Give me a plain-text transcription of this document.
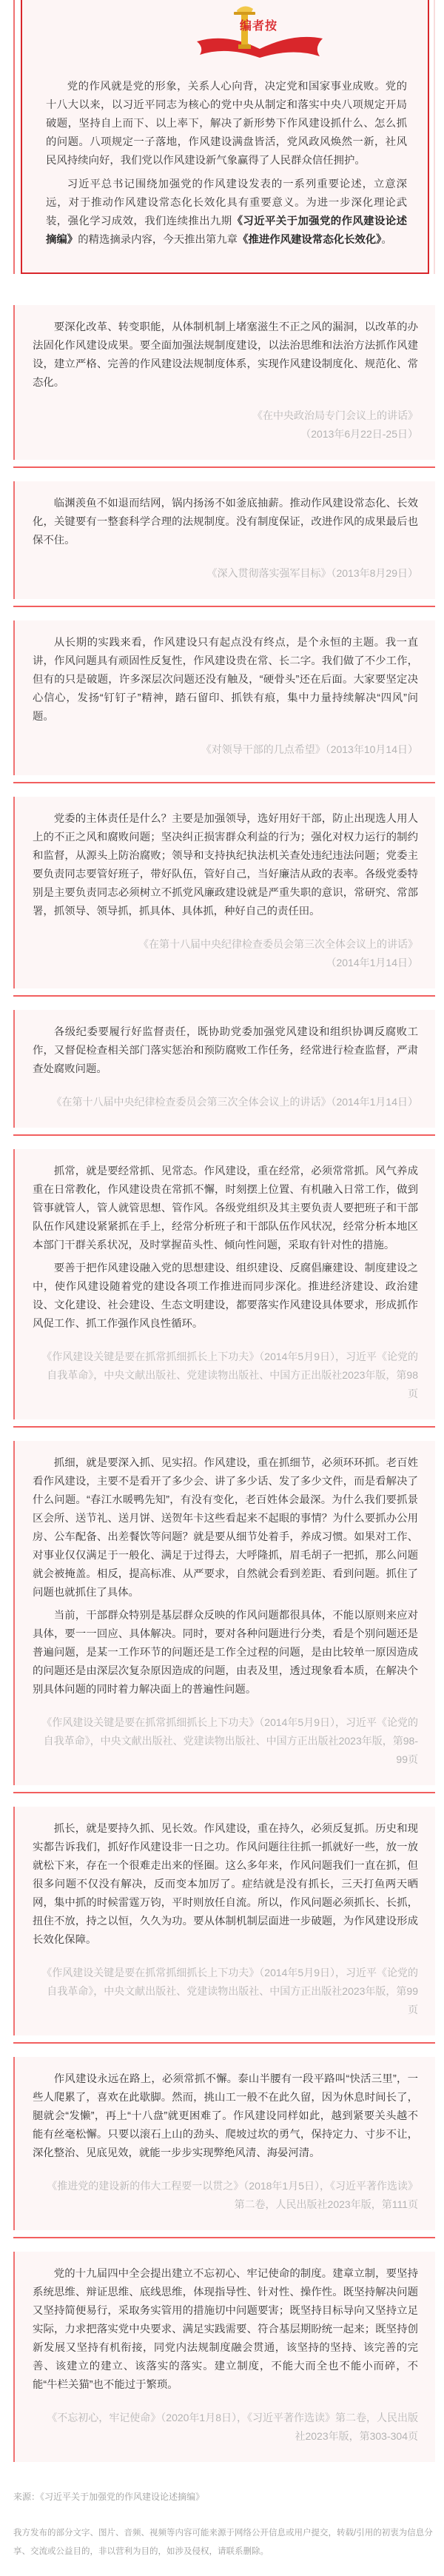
编者按

党的作风就是党的形象，关系人心向背，决定党和国家事业成败。党的十八大以来，以习近平同志为核心的党中央从制定和落实中央八项规定开局破题，坚持自上而下、以上率下，解决了新形势下作风建设抓什么、怎么抓的问题。八项规定一子落地，作风建设满盘皆活，党风政风焕然一新，社风民风持续向好，我们党以作风建设新气象赢得了人民群众信任拥护。

习近平总书记围绕加强党的作风建设发表的一系列重要论述，立意深远，对于推动作风建设常态化长效化具有重要意义。为进一步深化理论武装，强化学习成效，我们连续推出九期《习近平关于加强党的作风建设论述摘编》的精选摘录内容，今天推出第九章《推进作风建设常态化长效化》。

要深化改革、转变职能，从体制机制上堵塞滋生不正之风的漏洞，以改革的办法固化作风建设成果。要全面加强法规制度建设，以法治思维和法治方法抓作风建设，建立严格、完善的作风建设法规制度体系，实现作风建设制度化、规范化、常态化。

《在中央政治局专门会议上的讲话》
（2013年6月22日-25日）

临渊羡鱼不如退而结网，锅内扬汤不如釜底抽薪。推动作风建设常态化、长效化，关键要有一整套科学合理的法规制度。没有制度保证，改进作风的成果最后也保不住。

《深入贯彻落实强军目标》（2013年8月29日）

从长期的实践来看，作风建设只有起点没有终点，是个永恒的主题。我一直讲，作风问题具有顽固性反复性，作风建设贵在常、长二字。我们做了不少工作，但有的只是破题，许多深层次问题还没有触及，“硬骨头”还在后面。大家要坚定决心信心，发扬“钉钉子”精神，踏石留印、抓铁有痕，集中力量持续解决“四风”问题。

《对领导干部的几点希望》（2013年10月14日）

党委的主体责任是什么？主要是加强领导，选好用好干部，防止出现选人用人上的不正之风和腐败问题；坚决纠正损害群众利益的行为；强化对权力运行的制约和监督，从源头上防治腐败；领导和支持执纪执法机关查处违纪违法问题；党委主要负责同志要管好班子，带好队伍，管好自己，当好廉洁从政的表率。各级党委特别是主要负责同志必须树立不抓党风廉政建设就是严重失职的意识，常研究、常部署，抓领导、领导抓，抓具体、具体抓，种好自己的责任田。

《在第十八届中央纪律检查委员会第三次全体会议上的讲话》
（2014年1月14日）

各级纪委要履行好监督责任，既协助党委加强党风建设和组织协调反腐败工作，又督促检查相关部门落实惩治和预防腐败工作任务，经常进行检查监督，严肃查处腐败问题。

《在第十八届中央纪律检查委员会第三次全体会议上的讲话》（2014年1月14日）

抓常，就是要经常抓、见常态。作风建设，重在经常，必须常常抓。风气养成重在日常教化，作风建设贵在常抓不懈，时刻摆上位置、有机融入日常工作，做到管事就管人，管人就管思想、管作风。各级党组织及其主要负责人要把班子和干部队伍作风建设紧紧抓在手上，经常分析班子和干部队伍作风状况，经常分析本地区本部门干群关系状况，及时掌握苗头性、倾向性问题，采取有针对性的措施。

要善于把作风建设融入党的思想建设、组织建设、反腐倡廉建设、制度建设之中，使作风建设随着党的建设各项工作推进而同步深化。推进经济建设、政治建设、文化建设、社会建设、生态文明建设，都要落实作风建设具体要求，形成抓作风促工作、抓工作强作风良性循环。

《作风建设关键是要在抓常抓细抓长上下功夫》（2014年5月9日），习近平《论党的自我革命》，中央文献出版社、党建读物出版社、中国方正出版社2023年版，第98页

抓细，就是要深入抓、见实招。作风建设，重在抓细节，必须环环抓。老百姓看作风建设，主要不是看开了多少会、讲了多少话、发了多少文件，而是看解决了什么问题。“春江水暖鸭先知”，有没有变化，老百姓体会最深。为什么我们要抓景区会所、送节礼、送月饼、送贺年卡这些看起来不起眼的事情？为什么要抓办公用房、公车配备、出差餐饮等问题？就是要从细节处着手，养成习惯。如果对工作、对事业仅仅满足于一般化、满足于过得去，大呼隆抓，眉毛胡子一把抓，那么问题就会被掩盖。相反，提高标准、从严要求，自然就会看到差距、看到问题。抓住了问题也就抓住了具体。

当前，干部群众特别是基层群众反映的作风问题都很具体，不能以原则来应对具体，要一一回应、具体解决。同时，要对各种问题进行分类，看是个别问题还是普遍问题，是某一工作环节的问题还是工作全过程的问题，是由比较单一原因造成的问题还是由深层次复杂原因造成的问题，由表及里，透过现象看本质，在解决个别具体问题的同时着力解决面上的普遍性问题。

《作风建设关键是要在抓常抓细抓长上下功夫》（2014年5月9日），习近平《论党的自我革命》，中央文献出版社、党建读物出版社、中国方正出版社2023年版，第98-99页

抓长，就是要持久抓、见长效。作风建设，重在持久，必须反复抓。历史和现实都告诉我们，抓好作风建设非一日之功。作风问题往往抓一抓就好一些，放一放就松下来，存在一个很难走出来的怪圈。这么多年来，作风问题我们一直在抓，但很多问题不仅没有解决，反而变本加厉了。症结就是没有抓长，三天打鱼两天晒网，集中抓的时候雷霆万钧，平时则放任自流。所以，作风问题必须抓长、长抓，扭住不放，持之以恒，久久为功。要从体制机制层面进一步破题，为作风建设形成长效化保障。

《作风建设关键是要在抓常抓细抓长上下功夫》（2014年5月9日），习近平《论党的自我革命》，中央文献出版社、党建读物出版社、中国方正出版社2023年版，第99页

作风建设永远在路上，必须常抓不懈。泰山半腰有一段平路叫“快活三里”，一些人爬累了，喜欢在此歇脚。然而，挑山工一般不在此久留，因为休息时间长了，腿就会“发懒”，再上“十八盘”就更困难了。作风建设同样如此，越到紧要关头越不能有丝毫松懈。只要以滚石上山的劲头、爬坡过坎的勇气，保持定力、寸步不让，深化整治、见底见效，就能一步步实现弊绝风清、海晏河清。

《推进党的建设新的伟大工程要一以贯之》（2018年1月5日），《习近平著作选读》第二卷，人民出版社2023年版，第111页

党的十九届四中全会提出建立不忘初心、牢记使命的制度。建章立制，要坚持系统思维、辩证思维、底线思维，体现指导性、针对性、操作性。既坚持解决问题又坚持简便易行，采取务实管用的措施切中问题要害；既坚持目标导向又坚持立足实际，力求把落实党中央要求、满足实践需要、符合基层期盼统一起来；既坚持创新发展又坚持有机衔接，同党内法规制度融会贯通，该坚持的坚持、该完善的完善、该建立的建立、该落实的落实。建立制度，不能大而全也不能小而碎，不能“牛栏关猫”也不能过于繁琐。

《不忘初心，牢记使命》（2020年1月8日），《习近平著作选读》第二卷，人民出版社2023年版，第303-304页
来源：《习近平关于加强党的作风建设论述摘编》
我方发布的部分文字、图片、音频、视频等内容可能来源于网络公开信息或用户提交，转载/引用的初衷为信息分享、交流或公益目的，非以营利为目的，如涉及侵权，请联系删除。
